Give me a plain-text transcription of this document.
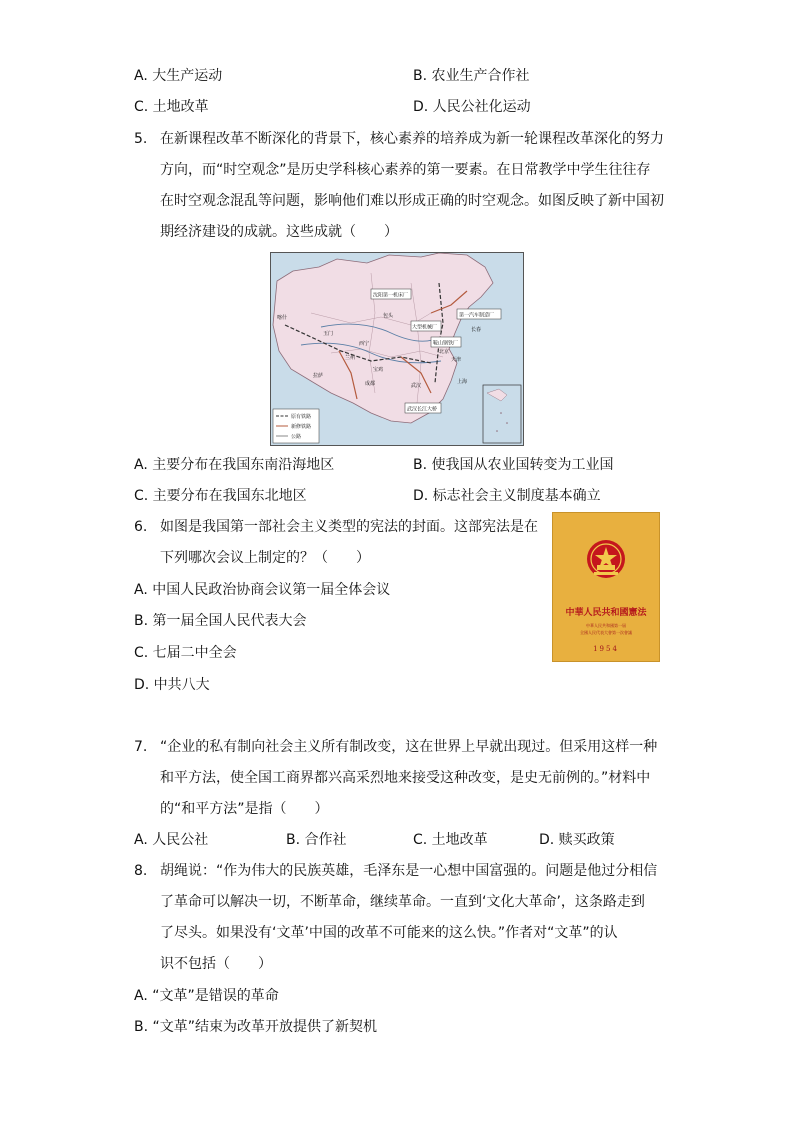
A. 大生产运动	B. 农业生产合作社
C. 土地改革	D. 人民公社化运动
5. 在新课程改革不断深化的背景下，核心素养的培养成为新一轮课程改革深化的努力
方向，而“时空观念”是历史学科核心素养的第一要素。在日常教学中学生往往存
在时空观念混乱等问题，影响他们难以形成正确的时空观念。如图反映了新中国初
期经济建设的成就。这些成就（　　）
第一汽车制造厂
沈阳第一机床厂
鞍山钢铁厂
大型机械厂
武汉长江大桥
长春
北京
天津
包头
西宁
兰州
宝鸡
武汉
上海
拉萨
玉门
喀什
成都
原有铁路
新修铁路
公路
A. 主要分布在我国东南沿海地区	B. 使我国从农业国转变为工业国
C. 主要分布在我国东北地区	D. 标志社会主义制度基本确立
6. 如图是我国第一部社会主义类型的宪法的封面。这部宪法是在
下列哪次会议上制定的？（　　）
A. 中国人民政治协商会议第一届全体会议
B. 第一届全国人民代表大会
C. 七届二中全会
D. 中共八大
中華人民共和國憲法
中華人民共和國第一屆
全國人民代表大會第一次會議
1954
7. “企业的私有制向社会主义所有制改变，这在世界上早就出现过。但采用这样一种
和平方法，使全国工商界都兴高采烈地来接受这种改变，是史无前例的。”材料中
的“和平方法”是指（　　）
A. 人民公社	B. 合作社	C. 土地改革	D. 赎买政策
8. 胡绳说：“作为伟大的民族英雄，毛泽东是一心想中国富强的。问题是他过分相信
了革命可以解决一切，不断革命，继续革命。一直到‘文化大革命’，这条路走到
了尽头。如果没有‘文革’中国的改革不可能来的这么快。”作者对“文革”的认
识不包括（　　）
A. “文革”是错误的革命
B. “文革”结束为改革开放提供了新契机
